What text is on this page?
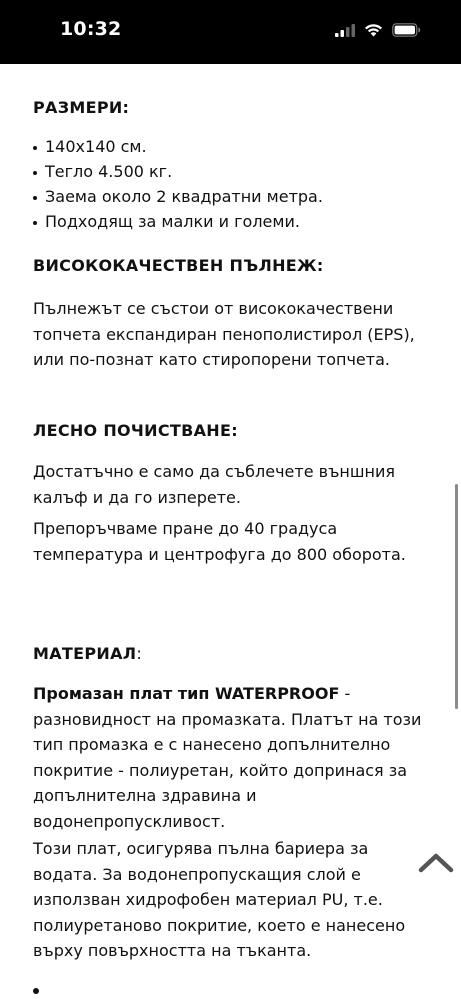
10:32
РАЗМЕРИ:
140х140 см.
Тегло 4.500 кг.
Заема около 2 квадратни метра.
Подходящ за малки и големи.
ВИСОКОКАЧЕСТВЕН ПЪЛНЕЖ:

Пълнежът се състои от висококачествени топчета експандиран пенополистирол (EPS), или по-познат като стиропорени топчета.

ЛЕСНО ПОЧИСТВАНЕ:

Достатъчно е само да съблечете външния калъф и да го изперете.

Препоръчваме пране до 40 градуса температура и центрофуга до 800 оборота.

МАТЕРИАЛ:

Промазан плат тип WATERPROOF - разновидност на промазката. Платът на този тип промазка е с нанесено допълнително покритие - полиуретан, който допринася за допълнителна здравина и водонепропускливост.

Този плат, осигурява пълна бариера за водата. За водонепропускащия слой е използван хидрофобен материал PU, т.е. полиуретаново покритие, което е нанесено върху повърхността на тъканта.
